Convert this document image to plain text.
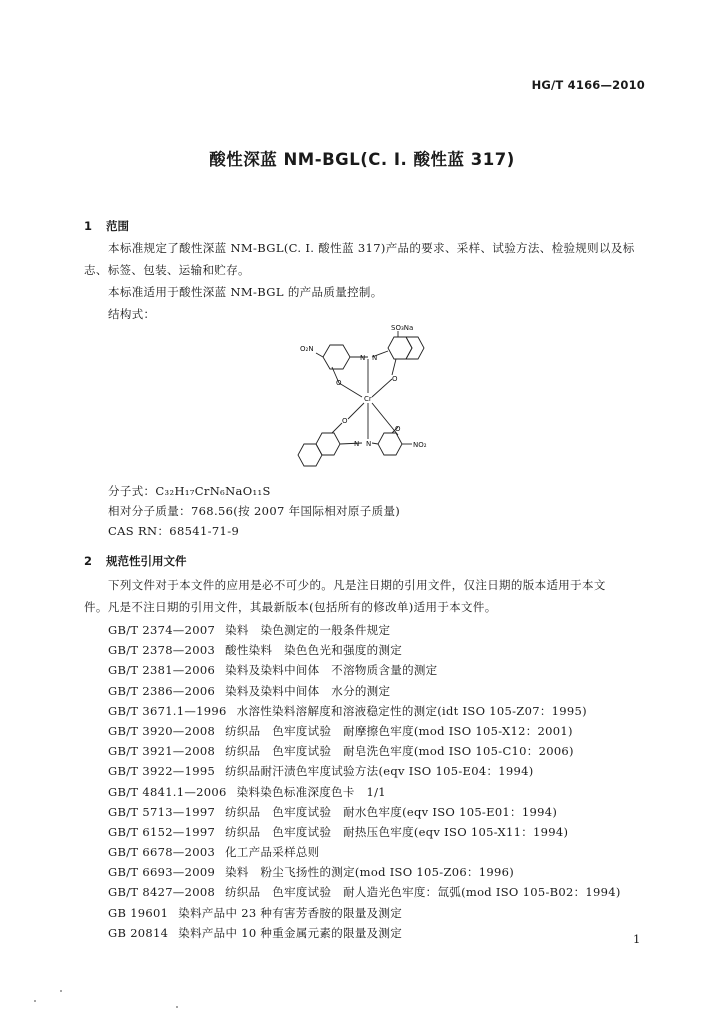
HG/T 4166—2010
酸性深蓝 NM-BGL(C. I. 酸性蓝 317)
1 范围
本标准规定了酸性深蓝 NM-BGL(C. I. 酸性蓝 317)产品的要求、采样、试验方法、检验规则以及标
志、标签、包装、运输和贮存。
本标准适用于酸性深蓝 NM-BGL 的产品质量控制。
结构式：
SO₃Na
O₂N
NO₂
Cr
O	O
O
O
N N
N N
分子式：C₃₂H₁₇CrN₆NaO₁₁S
相对分子质量：768.56(按 2007 年国际相对原子质量)
CAS RN：68541-71-9
2 规范性引用文件
下列文件对于本文件的应用是必不可少的。凡是注日期的引用文件，仅注日期的版本适用于本文
件。凡是不注日期的引用文件，其最新版本(包括所有的修改单)适用于本文件。
GB/T 2374—2007 染料　染色测定的一般条件规定
GB/T 2378—2003 酸性染料　染色色光和强度的测定
GB/T 2381—2006 染料及染料中间体　不溶物质含量的测定
GB/T 2386—2006 染料及染料中间体　水分的测定
GB/T 3671.1—1996 水溶性染料溶解度和溶液稳定性的测定(idt ISO 105-Z07：1995)
GB/T 3920—2008 纺织品　色牢度试验　耐摩擦色牢度(mod ISO 105-X12：2001)
GB/T 3921—2008 纺织品　色牢度试验　耐皂洗色牢度(mod ISO 105-C10：2006)
GB/T 3922—1995 纺织品耐汗渍色牢度试验方法(eqv ISO 105-E04：1994)
GB/T 4841.1—2006 染料染色标准深度色卡　1/1
GB/T 5713—1997 纺织品　色牢度试验　耐水色牢度(eqv ISO 105-E01：1994)
GB/T 6152—1997 纺织品　色牢度试验　耐热压色牢度(eqv ISO 105-X11：1994)
GB/T 6678—2003 化工产品采样总则
GB/T 6693—2009 染料　粉尘飞扬性的测定(mod ISO 105-Z06：1996)
GB/T 8427—2008 纺织品　色牢度试验　耐人造光色牢度：氙弧(mod ISO 105-B02：1994)
GB 19601 染料产品中 23 种有害芳香胺的限量及测定
GB 20814 染料产品中 10 种重金属元素的限量及测定	1
